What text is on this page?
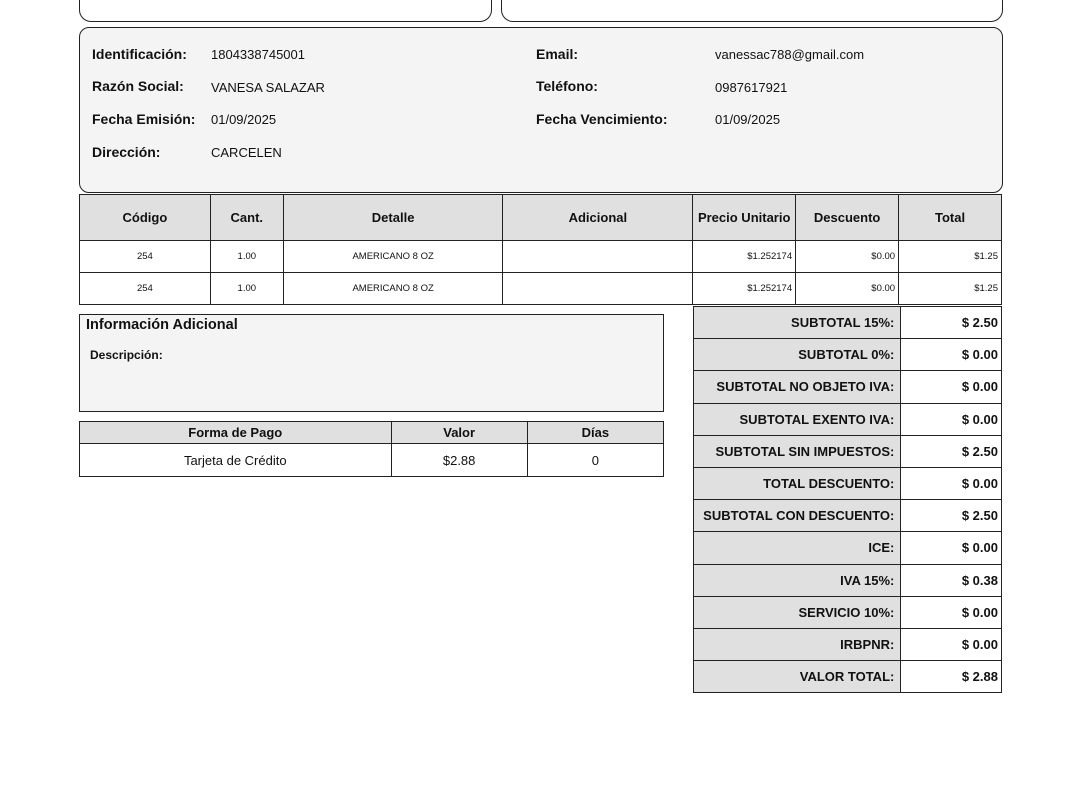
Identificación: 1804338745001
Razón Social: VANESA SALAZAR
Fecha Emisión: 01/09/2025
Dirección:	CARCELEN
Email:	vanessac788@gmail.com
Teléfono:	0987617921
Fecha Vencimiento:	01/09/2025
Código	Cant.	Detalle	Adicional	Precio Unitario	Descuento	Total
254	1.00	AMERICANO 8 OZ		$1.252174	$0.00	$1.25
254	1.00	AMERICANO 8 OZ		$1.252174	$0.00	$1.25
Información Adicional
Descripción:
Forma de Pago	Valor	Días
Tarjeta de Crédito	$2.88	0
SUBTOTAL 15%:	$ 2.50
SUBTOTAL 0%:	$ 0.00
SUBTOTAL NO OBJETO IVA:	$ 0.00
SUBTOTAL EXENTO IVA:	$ 0.00
SUBTOTAL SIN IMPUESTOS:	$ 2.50
TOTAL DESCUENTO:	$ 0.00
SUBTOTAL CON DESCUENTO:	$ 2.50
ICE:	$ 0.00
IVA 15%:	$ 0.38
SERVICIO 10%:	$ 0.00
IRBPNR:	$ 0.00
VALOR TOTAL:	$ 2.88
